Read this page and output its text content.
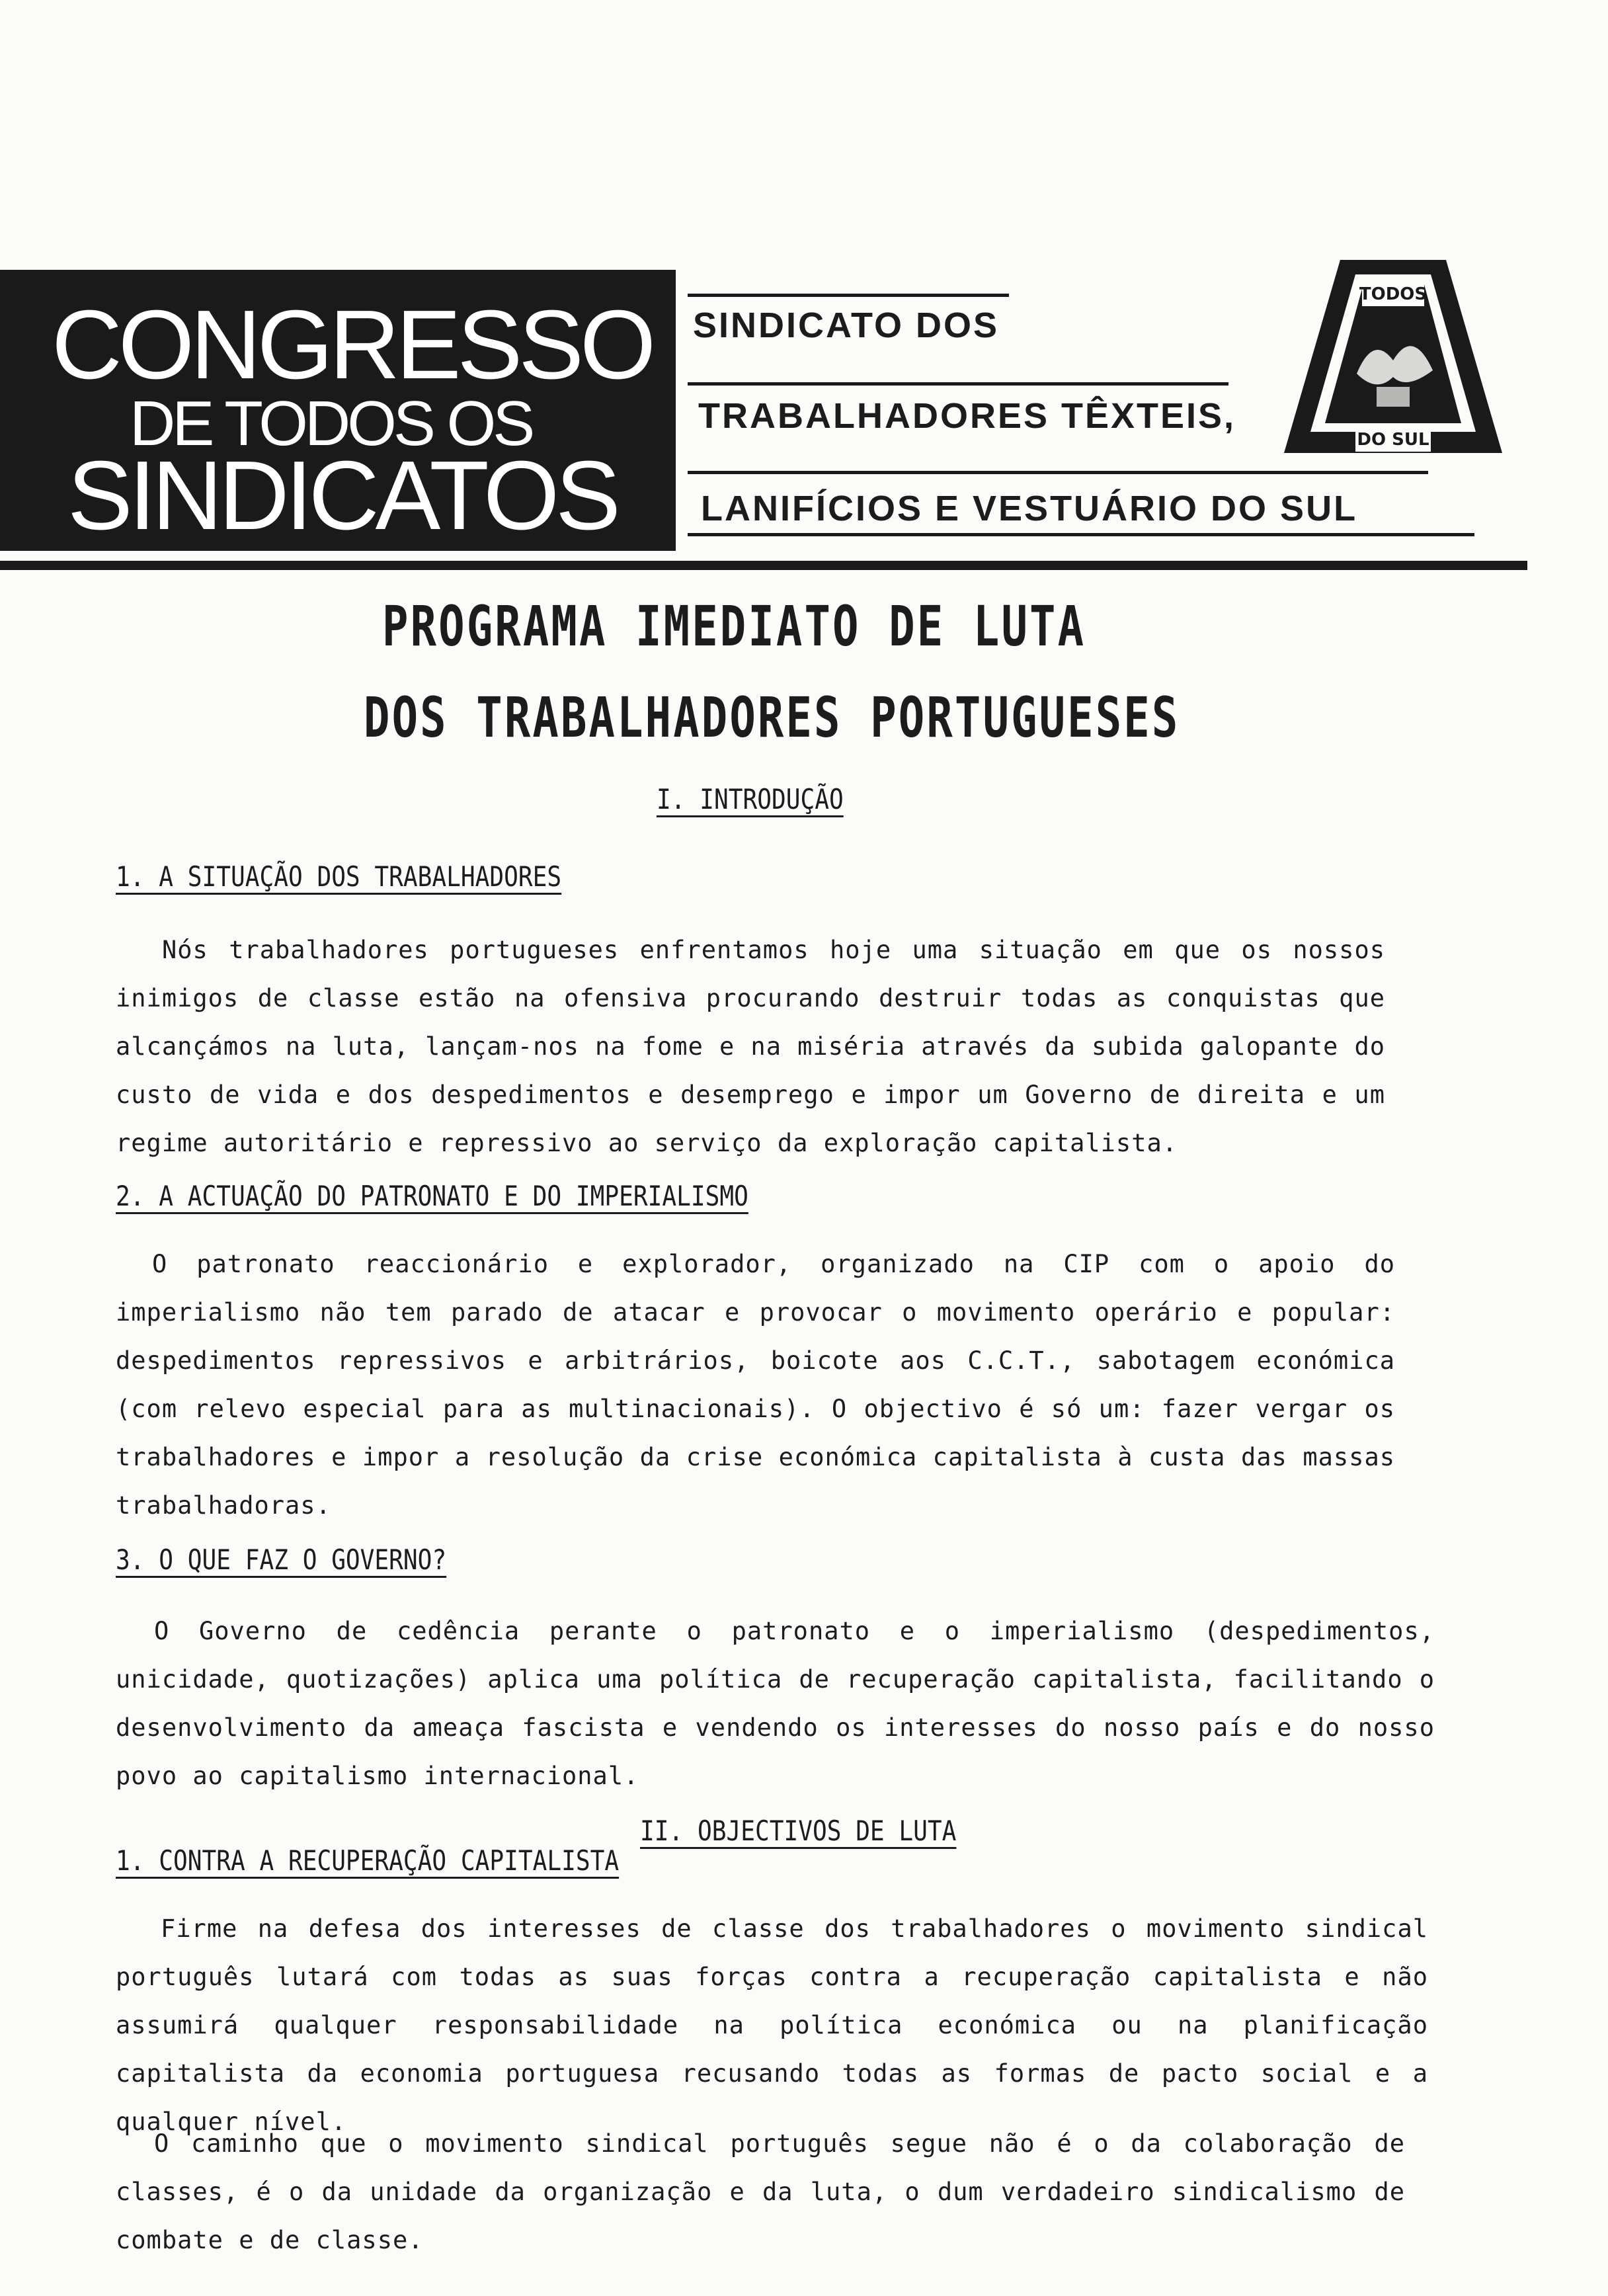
CONGRESSO
DE TODOS OS
SINDICATOS
SINDICATO DOS
TRABALHADORES TÊXTEIS,
LANIFÍCIOS E VESTUÁRIO DO SUL
TODOS
DO SUL
PROGRAMA IMEDIATO DE LUTA
DOS TRABALHADORES PORTUGUESES
I. INTRODUÇÃO
1. A SITUAÇÃO DOS TRABALHADORES

Nós trabalhadores portugueses enfrentamos hoje uma situação em que os nossos inimigos de classe estão na ofensiva procurando destruir todas as conquistas que alcançámos na luta, lançam-nos na fome e na miséria através da subida galopante do custo de vida e dos despedimentos e desemprego e impor um Governo de direita e um regime autoritário e repressivo ao serviço da exploração capitalista.

2. A ACTUAÇÃO DO PATRONATO E DO IMPERIALISMO

O patronato reaccionário e explorador, organizado na CIP com o apoio do imperialismo não tem parado de atacar e provocar o movimento operário e popular: despedimentos repressivos e arbitrários, boicote aos C.C.T., sabotagem económica (com relevo especial para as multinacionais). O objectivo é só um: fazer vergar os trabalhadores e impor a resolução da crise económica capitalista à custa das massas trabalhadoras.

3. O QUE FAZ O GOVERNO?

O Governo de cedência perante o patronato e o imperialismo (despedimentos, unicidade, quotizações) aplica uma política de recuperação capitalista, facilitando o desenvolvimento da ameaça fascista e vendendo os interesses do nosso país e do nosso povo ao capitalismo internacional.

II. OBJECTIVOS DE LUTA
1. CONTRA A RECUPERAÇÃO CAPITALISTA

Firme na defesa dos interesses de classe dos trabalhadores o movimento sindical português lutará com todas as suas forças contra a recuperação capitalista e não assumirá qualquer responsabilidade na política económica ou na planificação capitalista da economia portuguesa recusando todas as formas de pacto social e a qualquer nível.

O caminho que o movimento sindical português segue não é o da colaboração de classes, é o da unidade da organização e da luta, o dum verdadeiro sindicalismo de combate e de classe.
